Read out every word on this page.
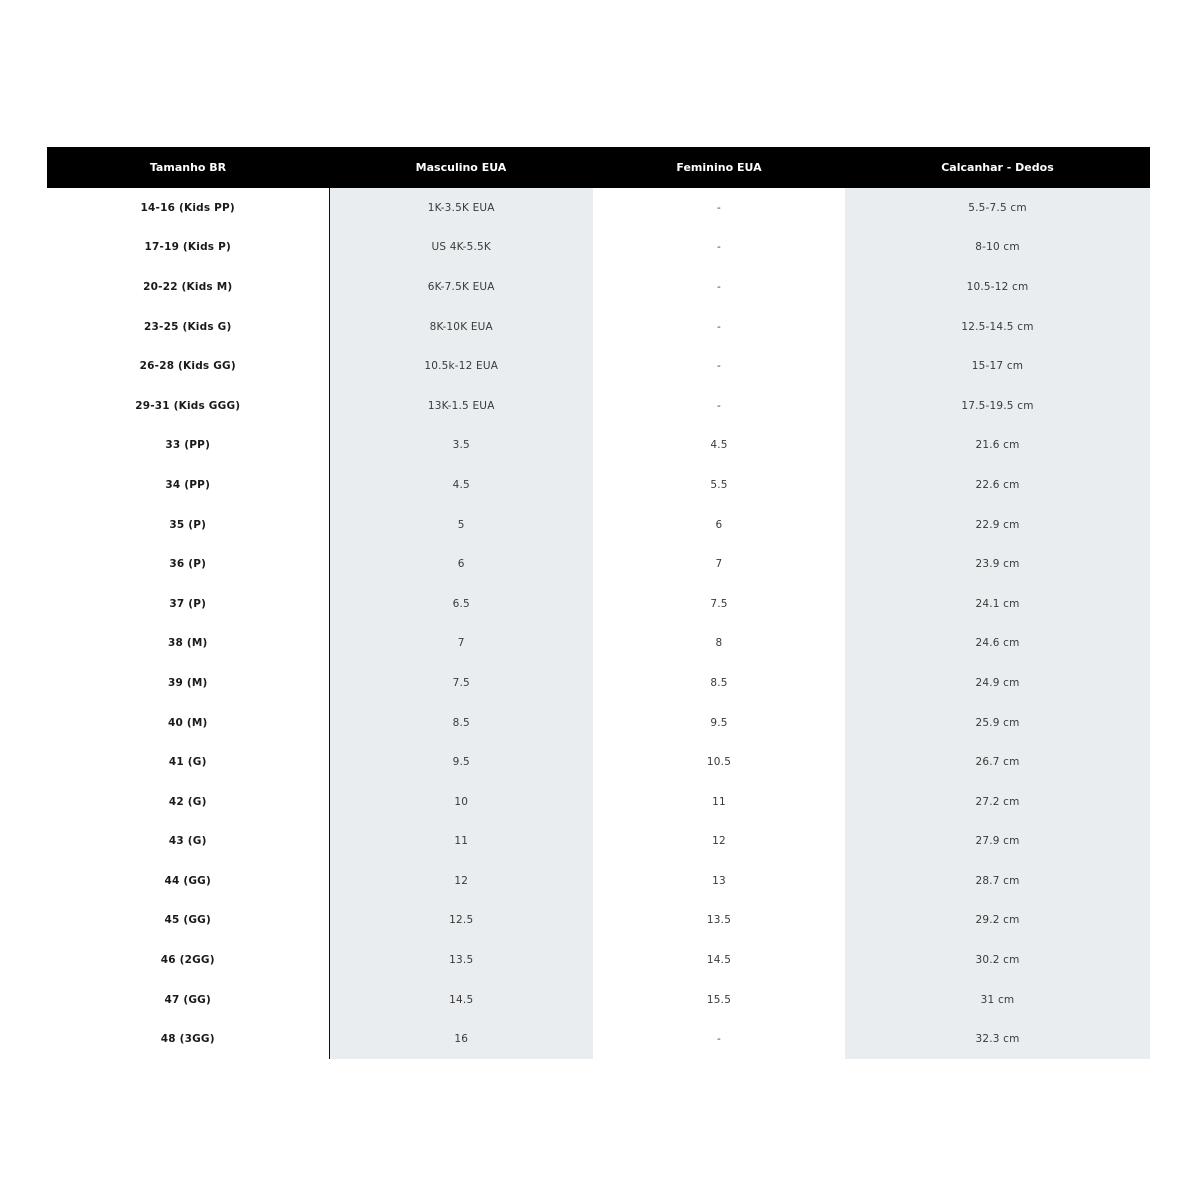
Tamanho BR	Masculino EUA	Feminino EUA	Calcanhar - Dedos
14-16 (Kids PP)	1K-3.5K EUA	-	5.5-7.5 cm
17-19 (Kids P)	US 4K-5.5K	-	8-10 cm
20-22 (Kids M)	6K-7.5K EUA	-	10.5-12 cm
23-25 (Kids G)	8K-10K EUA	-	12.5-14.5 cm
26-28 (Kids GG)	10.5k-12 EUA	-	15-17 cm
29-31 (Kids GGG)	13K-1.5 EUA	-	17.5-19.5 cm
33 (PP)	3.5	4.5	21.6 cm
34 (PP)	4.5	5.5	22.6 cm
35 (P)	5	6	22.9 cm
36 (P)	6	7	23.9 cm
37 (P)	6.5	7.5	24.1 cm
38 (M)	7	8	24.6 cm
39 (M)	7.5	8.5	24.9 cm
40 (M)	8.5	9.5	25.9 cm
41 (G)	9.5	10.5	26.7 cm
42 (G)	10	11	27.2 cm
43 (G)	11	12	27.9 cm
44 (GG)	12	13	28.7 cm
45 (GG)	12.5	13.5	29.2 cm
46 (2GG)	13.5	14.5	30.2 cm
47 (GG)	14.5	15.5	31 cm
48 (3GG)	16	-	32.3 cm
